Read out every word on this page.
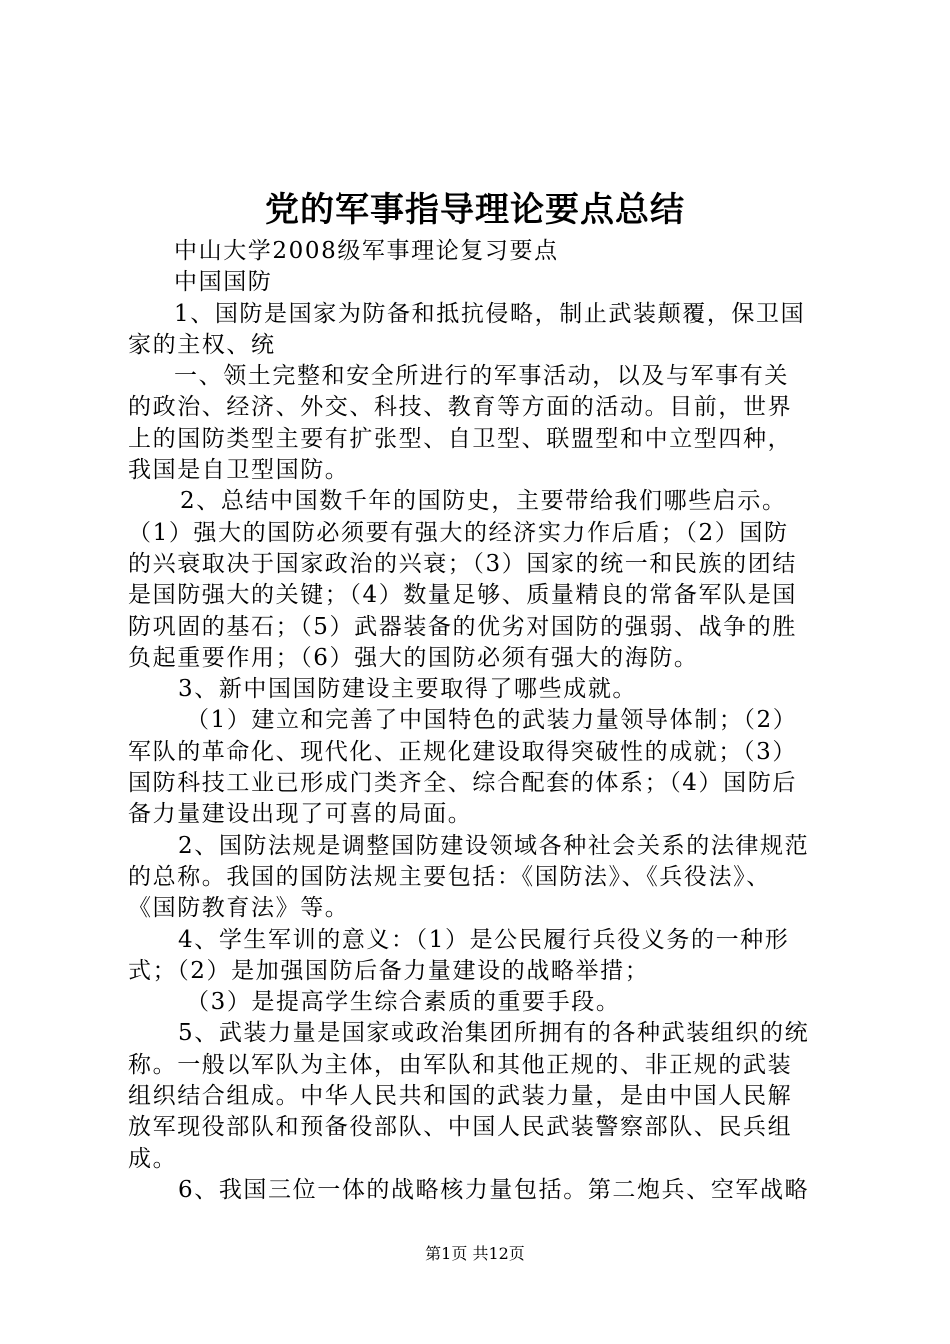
党的军事指导理论要点总结
中山大学2008级军事理论复习要点
中国国防
1、国防是国家为防备和抵抗侵略，制止武装颠覆，保卫国
家的主权、统
一、领土完整和安全所进行的军事活动，以及与军事有关
的政治、经济、外交、科技、教育等方面的活动。目前，世界
上的国防类型主要有扩张型、自卫型、联盟型和中立型四种，
我国是自卫型国防。
2、总结中国数千年的国防史，主要带给我们哪些启示。
（1）强大的国防必须要有强大的经济实力作后盾；（2）国防
的兴衰取决于国家政治的兴衰；（3）国家的统一和民族的团结
是国防强大的关键；（4）数量足够、质量精良的常备军队是国
防巩固的基石；（5）武器装备的优劣对国防的强弱、战争的胜
负起重要作用；（6）强大的国防必须有强大的海防。
3、新中国国防建设主要取得了哪些成就。
（1）建立和完善了中国特色的武装力量领导体制；（2）
军队的革命化、现代化、正规化建设取得突破性的成就；（3）
国防科技工业已形成门类齐全、综合配套的体系；（4）国防后
备力量建设出现了可喜的局面。
2、国防法规是调整国防建设领域各种社会关系的法律规范
的总称。我国的国防法规主要包括：《国防法》、《兵役法》、
《国防教育法》等。
4、学生军训的意义：（1）是公民履行兵役义务的一种形
式；（2）是加强国防后备力量建设的战略举措；
（3）是提高学生综合素质的重要手段。
5、武装力量是国家或政治集团所拥有的各种武装组织的统
称。一般以军队为主体，由军队和其他正规的、非正规的武装
组织结合组成。中华人民共和国的武装力量，是由中国人民解
放军现役部队和预备役部队、中国人民武装警察部队、民兵组
成。
6、我国三位一体的战略核力量包括。第二炮兵、空军战略
第1页 共12页
